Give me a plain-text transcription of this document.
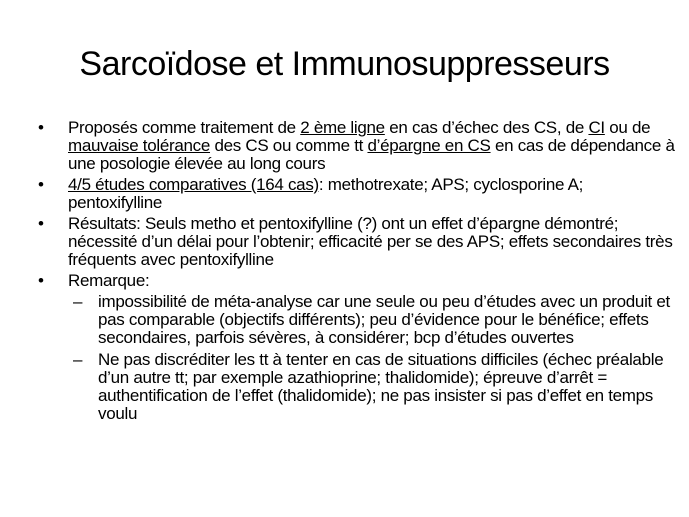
Sarcoïdose et Immunosuppresseurs
•	Proposés comme traitement de 2 ème ligne en cas d’échec des CS, de CI ou de mauvaise tolérance des CS ou comme tt d’épargne en CS en cas de dépendance à une posologie élevée au long cours
•	4/5 études comparatives (164 cas): methotrexate; APS; cyclosporine A; pentoxifylline
•	Résultats: Seuls metho et pentoxifylline (?) ont un effet d’épargne démontré; nécessité d’un délai pour l’obtenir; efficacité per se des APS; effets secondaires très fréquents avec pentoxifylline
•	Remarque:
– impossibilité de méta-analyse car une seule ou peu d’études avec un produit et pas comparable (objectifs différents); peu d’évidence pour le bénéfice; effets secondaires, parfois sévères, à considérer; bcp d’études ouvertes
– Ne pas discréditer les tt à tenter en cas de situations difficiles (échec préalable d’un autre tt; par exemple azathioprine; thalidomide); épreuve d’arrêt = authentification de l’effet (thalidomide); ne pas insister si pas d’effet en temps voulu
